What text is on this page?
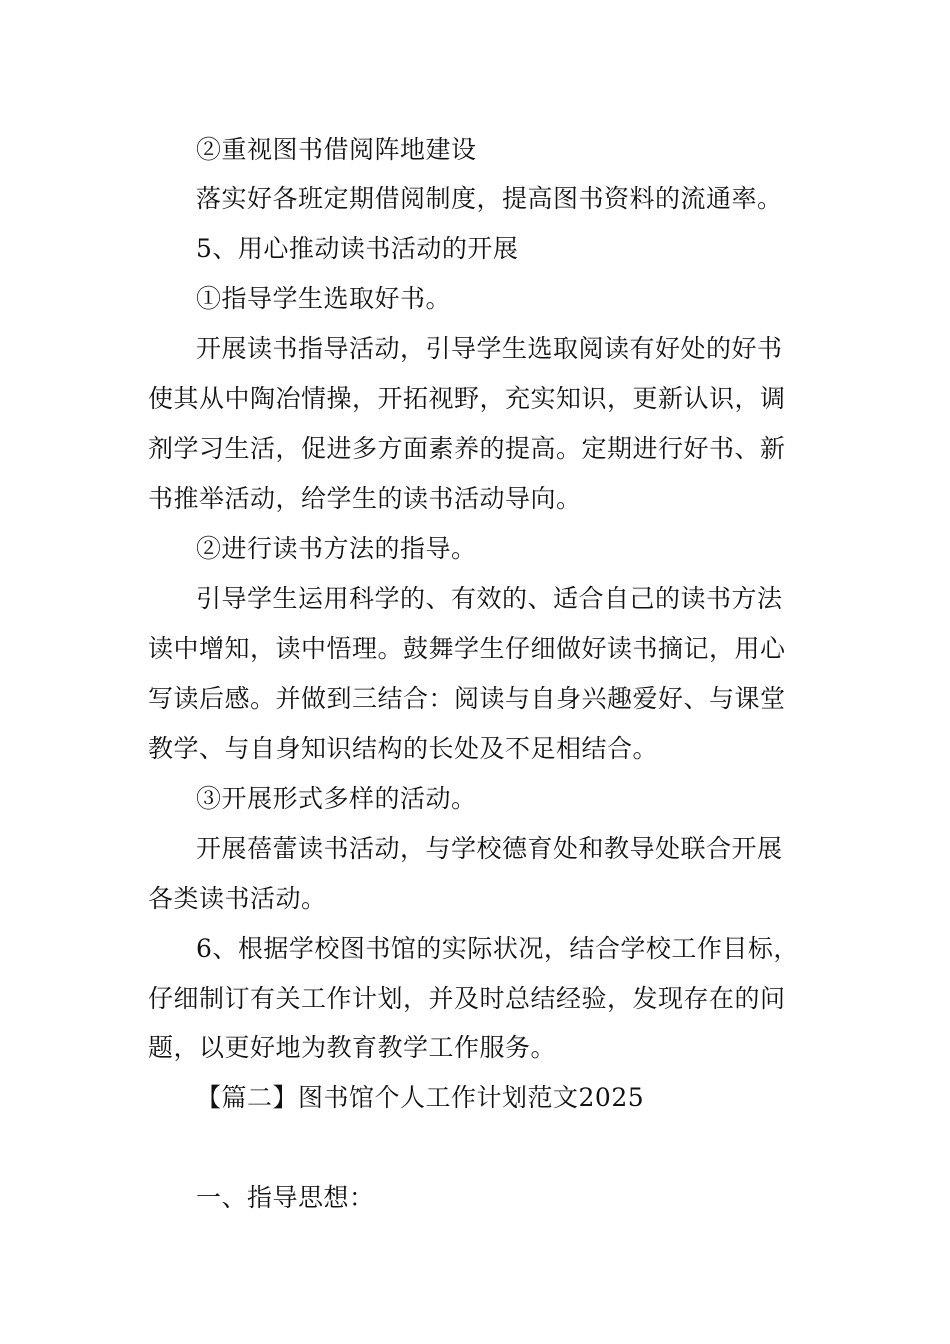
②重视图书借阅阵地建设
落实好各班定期借阅制度，提高图书资料的流通率。
5、用心推动读书活动的开展
①指导学生选取好书。
开展读书指导活动，引导学生选取阅读有好处的好书
使其从中陶冶情操，开拓视野，充实知识，更新认识，调
剂学习生活，促进多方面素养的提高。定期进行好书、新
书推举活动，给学生的读书活动导向。
②进行读书方法的指导。
引导学生运用科学的、有效的、适合自己的读书方法
读中增知，读中悟理。鼓舞学生仔细做好读书摘记，用心
写读后感。并做到三结合：阅读与自身兴趣爱好、与课堂
教学、与自身知识结构的长处及不足相结合。
③开展形式多样的活动。
开展蓓蕾读书活动，与学校德育处和教导处联合开展
各类读书活动。
6、根据学校图书馆的实际状况，结合学校工作目标，
仔细制订有关工作计划，并及时总结经验，发现存在的问
题，以更好地为教育教学工作服务。
【篇二】图书馆个人工作计划范文2025
一、指导思想：
